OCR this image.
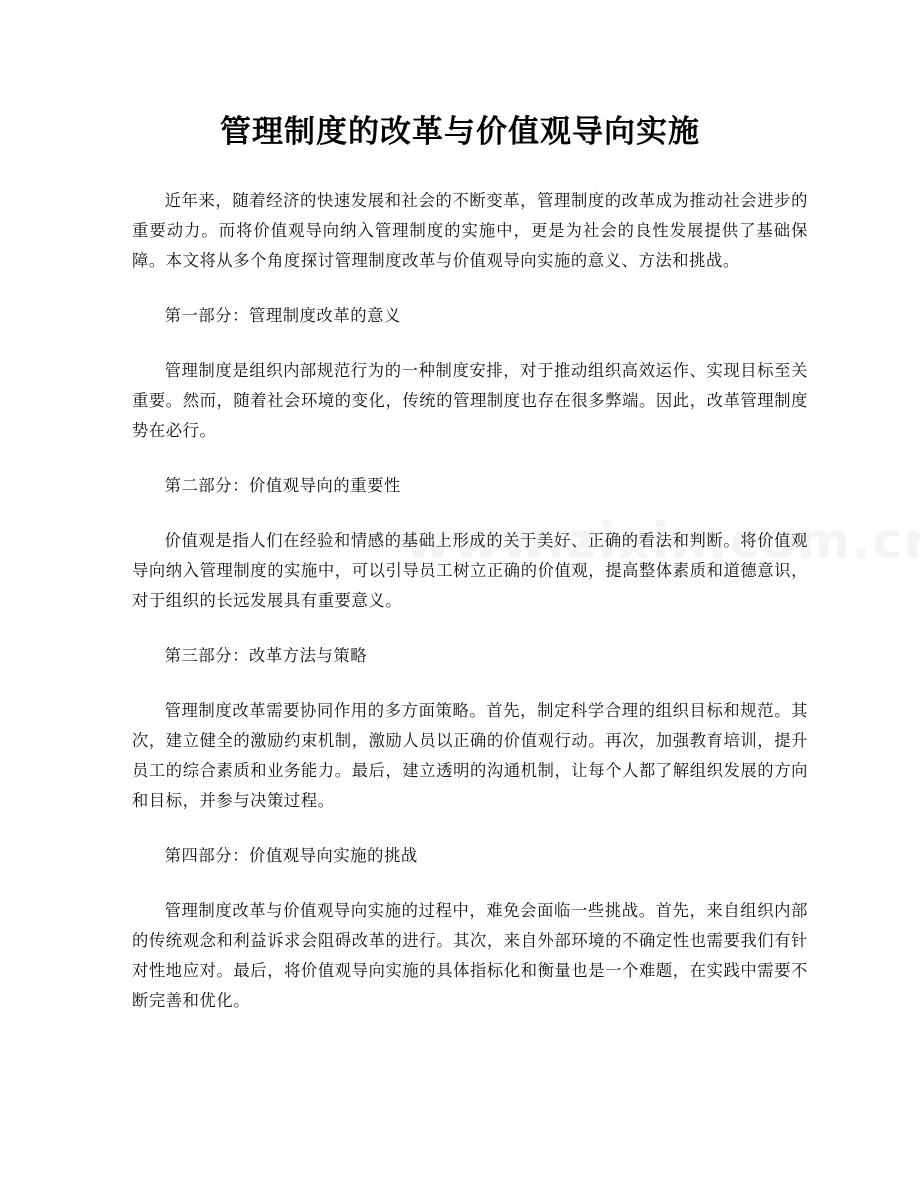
管理制度的改革与价值观导向实施

近年来，随着经济的快速发展和社会的不断变革，管理制度的改革成为推动社会进步的重要动力。而将价值观导向纳入管理制度的实施中，更是为社会的良性发展提供了基础保障。本文将从多个角度探讨管理制度改革与价值观导向实施的意义、方法和挑战。

第一部分：管理制度改革的意义

管理制度是组织内部规范行为的一种制度安排，对于推动组织高效运作、实现目标至关重要。然而，随着社会环境的变化，传统的管理制度也存在很多弊端。因此，改革管理制度势在必行。

第二部分：价值观导向的重要性

价值观是指人们在经验和情感的基础上形成的关于美好、正确的看法和判断。将价值观导向纳入管理制度的实施中，可以引导员工树立正确的价值观，提高整体素质和道德意识，对于组织的长远发展具有重要意义。

第三部分：改革方法与策略

管理制度改革需要协同作用的多方面策略。首先，制定科学合理的组织目标和规范。其次，建立健全的激励约束机制，激励人员以正确的价值观行动。再次，加强教育培训，提升员工的综合素质和业务能力。最后，建立透明的沟通机制，让每个人都了解组织发展的方向和目标，并参与决策过程。

第四部分：价值观导向实施的挑战

管理制度改革与价值观导向实施的过程中，难免会面临一些挑战。首先，来自组织内部的传统观念和利益诉求会阻碍改革的进行。其次，来自外部环境的不确定性也需要我们有针对性地应对。最后，将价值观导向实施的具体指标化和衡量也是一个难题，在实践中需要不断完善和优化。
